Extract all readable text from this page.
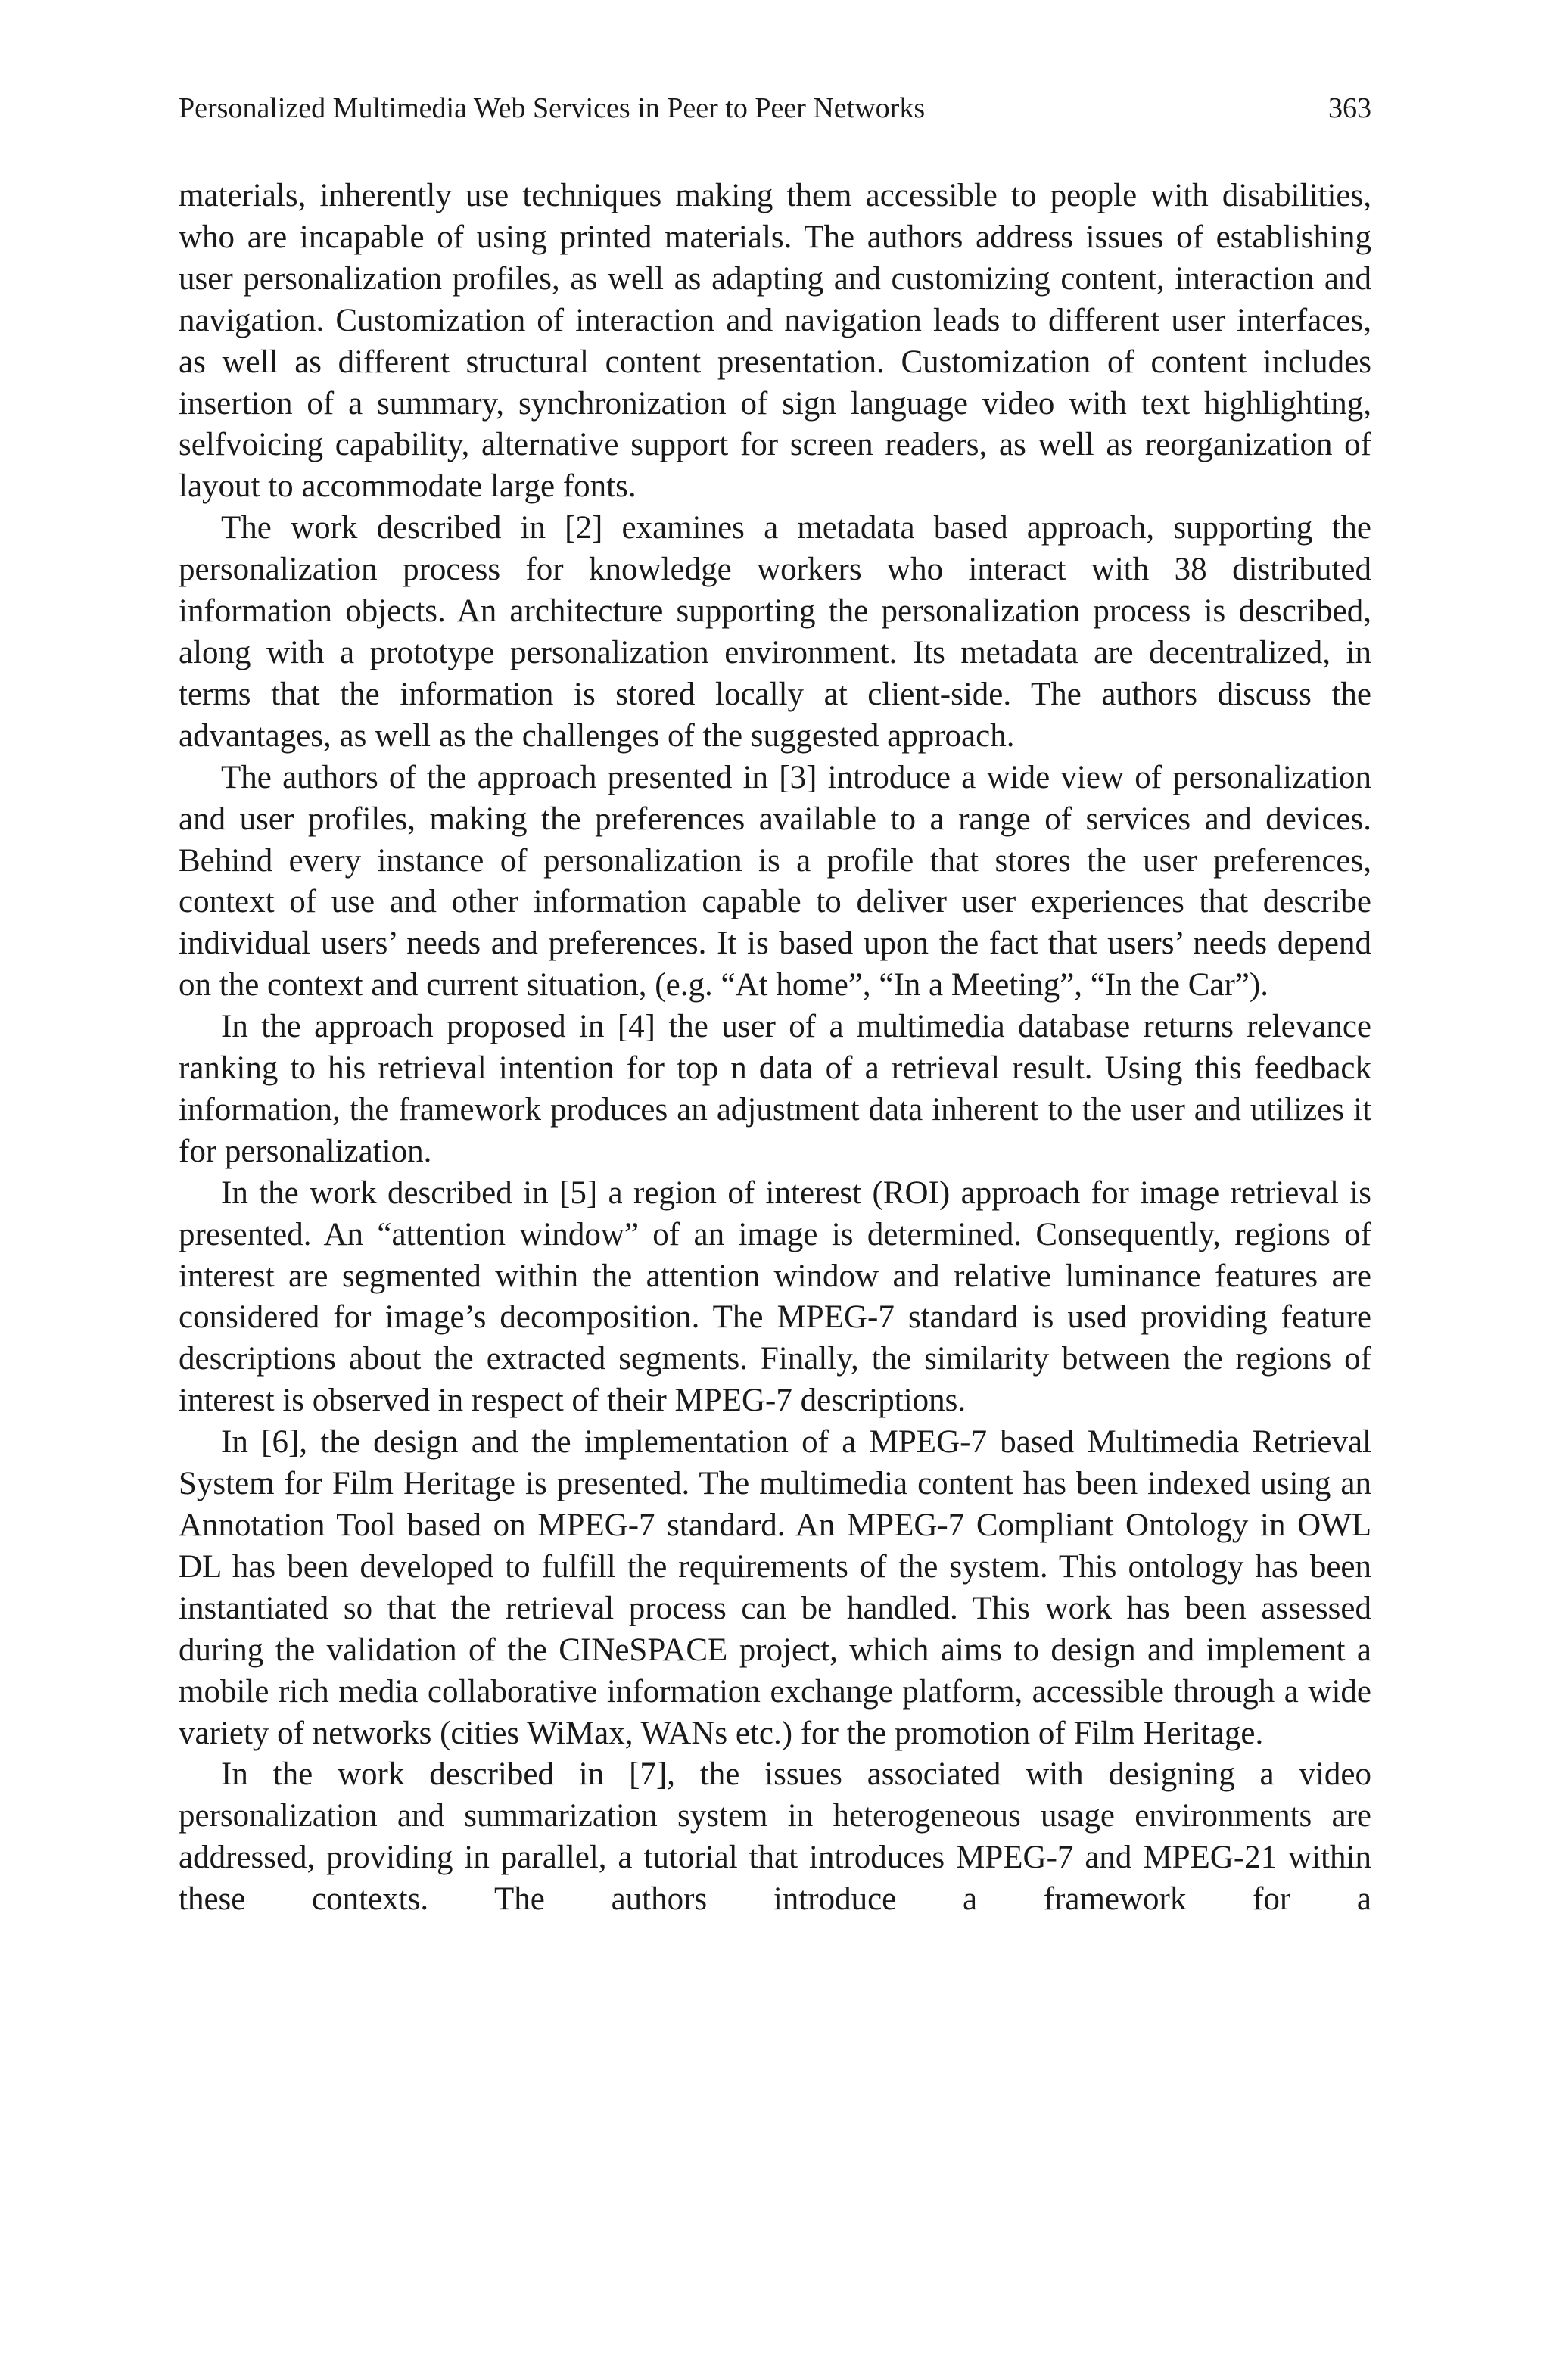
Personalized Multimedia Web Services in Peer to Peer Networks	363

materials, inherently use techniques making them accessible to people with disabilities, who are incapable of using printed materials. The authors address issues of establishing user personalization profiles, as well as adapting and customizing content, interaction and navigation. Customization of interaction and navigation leads to different user interfaces, as well as different structural content presentation. Customization of content includes insertion of a summary, synchronization of sign language video with text highlighting, selfvoicing capability, alternative support for screen readers, as well as reorganization of layout to accommodate large fonts.

The work described in [2] examines a metadata based approach, supporting the personalization process for knowledge workers who interact with 38 distributed information objects. An architecture supporting the personalization process is described, along with a prototype personalization environment. Its metadata are decentralized, in terms that the information is stored locally at client-side. The authors discuss the advantages, as well as the challenges of the suggested approach.

The authors of the approach presented in [3] introduce a wide view of personalization and user profiles, making the preferences available to a range of services and devices. Behind every instance of personalization is a profile that stores the user preferences, context of use and other information capable to deliver user experiences that describe individual users’ needs and preferences. It is based upon the fact that users’ needs depend on the context and current situation, (e.g. “At home”, “In a Meeting”, “In the Car”).

In the approach proposed in [4] the user of a multimedia database returns relevance ranking to his retrieval intention for top n data of a retrieval result. Using this feedback information, the framework produces an adjustment data inherent to the user and utilizes it for personalization.

In the work described in [5] a region of interest (ROI) approach for image retrieval is presented. An “attention window” of an image is determined. Consequently, regions of interest are segmented within the attention window and relative luminance features are considered for image’s decomposition. The MPEG-7 standard is used providing feature descriptions about the extracted segments. Finally, the similarity between the regions of interest is observed in respect of their MPEG-7 descriptions.

In [6], the design and the implementation of a MPEG-7 based Multimedia Retrieval System for Film Heritage is presented. The multimedia content has been indexed using an Annotation Tool based on MPEG-7 standard. An MPEG-7 Compliant Ontology in OWL DL has been developed to fulfill the requirements of the system. This ontology has been instantiated so that the retrieval process can be handled. This work has been assessed during the validation of the CINeSPACE project, which aims to design and implement a mobile rich media collaborative information exchange platform, accessible through a wide variety of networks (cities WiMax, WANs etc.) for the promotion of Film Heritage.

In the work described in [7], the issues associated with designing a video personalization and summarization system in heterogeneous usage environments are addressed, providing in parallel, a tutorial that introduces MPEG-7 and MPEG-21 within these contexts. The authors introduce a framework for a
